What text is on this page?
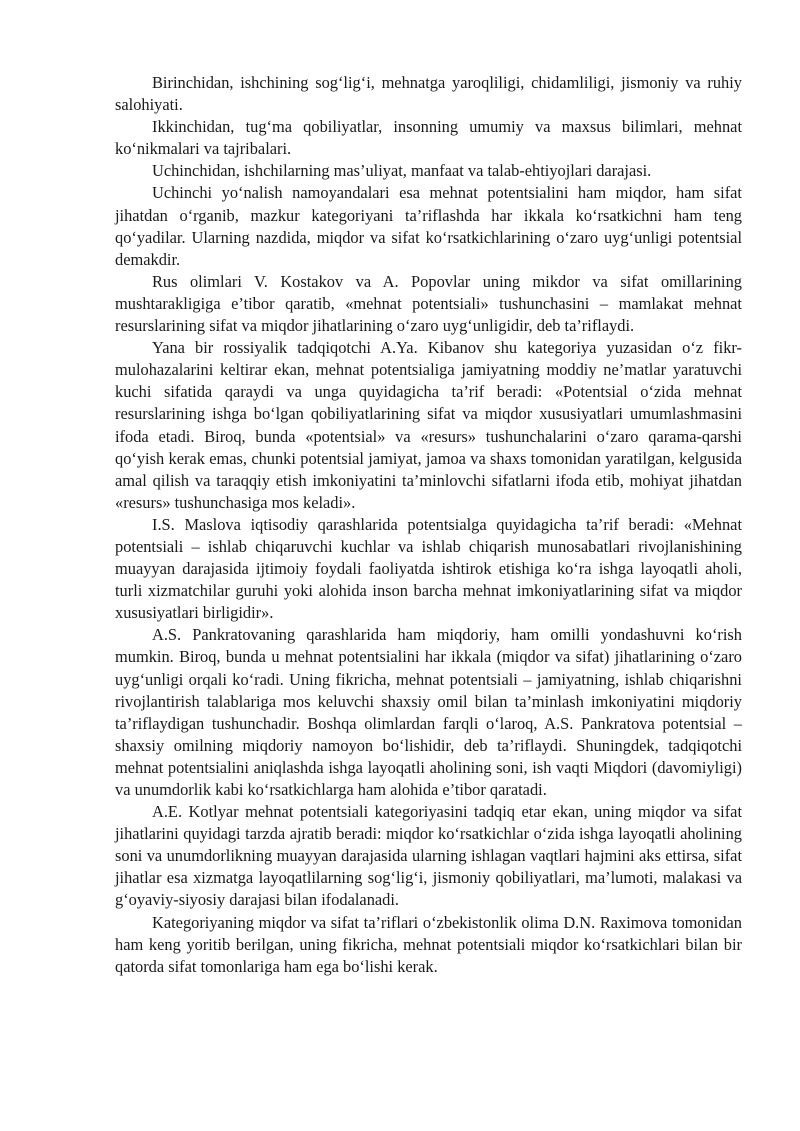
Birinchidan, ishchining sog‘lig‘i, mehnatga yaroqliligi, chidamliligi, jismoniy va ruhiy salohiyati.

Ikkinchidan, tug‘ma qobiliyatlar, insonning umumiy va maxsus bilimlari, mehnat ko‘nikmalari va tajribalari.

Uchinchidan, ishchilarning mas’uliyat, manfaat va talab-ehtiyojlari darajasi.

Uchinchi yo‘nalish namoyandalari esa mehnat potentsialini ham miqdor, ham sifat jihatdan o‘rganib, mazkur kategoriyani ta’riflashda har ikkala ko‘rsatkichni ham teng qo‘yadilar. Ularning nazdida, miqdor va sifat ko‘rsatkichlarining o‘zaro uyg‘unligi potentsial demakdir.

Rus olimlari V. Kostakov va A. Popovlar uning mikdor va sifat omillarining mushtarakligiga e’tibor qaratib, «mehnat potentsiali» tushunchasini – mamlakat mehnat resurslarining sifat va miqdor jihatlarining o‘zaro uyg‘unligidir, deb ta’riflaydi.

Yana bir rossiyalik tadqiqotchi A.Ya. Kibanov shu kategoriya yuzasidan o‘z fikr-mulohazalarini keltirar ekan, mehnat potentsialiga jamiyatning moddiy ne’matlar yaratuvchi kuchi sifatida qaraydi va unga quyidagicha ta’rif beradi: «Potentsial o‘zida mehnat resurslarining ishga bo‘lgan qobiliyatlarining sifat va miqdor xususiyatlari umumlashmasini ifoda etadi. Biroq, bunda «potentsial» va «resurs» tushunchalarini o‘zaro qarama-qarshi qo‘yish kerak emas, chunki potentsial jamiyat, jamoa va shaxs tomonidan yaratilgan, kelgusida amal qilish va taraqqiy etish imkoniyatini ta’minlovchi sifatlarni ifoda etib, mohiyat jihatdan «resurs» tushunchasiga mos keladi».

I.S. Maslova iqtisodiy qarashlarida potentsialga quyidagicha ta’rif beradi: «Mehnat potentsiali – ishlab chiqaruvchi kuchlar va ishlab chiqarish munosabatlari rivojlanishining muayyan darajasida ijtimoiy foydali faoliyatda ishtirok etishiga ko‘ra ishga layoqatli aholi, turli xizmatchilar guruhi yoki alohida inson barcha mehnat imkoniyatlarining sifat va miqdor xususiyatlari birligidir».

A.S. Pankratovaning qarashlarida ham miqdoriy, ham omilli yondashuvni ko‘rish mumkin. Biroq, bunda u mehnat potentsialini har ikkala (miqdor va sifat) jihatlarining o‘zaro uyg‘unligi orqali ko‘radi. Uning fikricha, mehnat potentsiali – jamiyatning, ishlab chiqarishni rivojlantirish talablariga mos keluvchi shaxsiy omil bilan ta’minlash imkoniyatini miqdoriy ta’riflaydigan tushunchadir. Boshqa olimlardan farqli o‘laroq, A.S. Pankratova potentsial – shaxsiy omilning miqdoriy namoyon bo‘lishidir, deb ta’riflaydi. Shuningdek, tadqiqotchi mehnat potentsialini aniqlashda ishga layoqatli aholining soni, ish vaqti Miqdori (davomiyligi) va unumdorlik kabi ko‘rsatkichlarga ham alohida e’tibor qaratadi.

A.E. Kotlyar mehnat potentsiali kategoriyasini tadqiq etar ekan, uning miqdor va sifat jihatlarini quyidagi tarzda ajratib beradi: miqdor ko‘rsatkichlar o‘zida ishga layoqatli aholining soni va unumdorlikning muayyan darajasida ularning ishlagan vaqtlari hajmini aks ettirsa, sifat jihatlar esa xizmatga layoqatlilarning sog‘lig‘i, jismoniy qobiliyatlari, ma’lumoti, malakasi va g‘oyaviy-siyosiy darajasi bilan ifodalanadi.

Kategoriyaning miqdor va sifat ta’riflari o‘zbekistonlik olima D.N. Raximova tomonidan ham keng yoritib berilgan, uning fikricha, mehnat potentsiali miqdor ko‘rsatkichlari bilan bir qatorda sifat tomonlariga ham ega bo‘lishi kerak.
